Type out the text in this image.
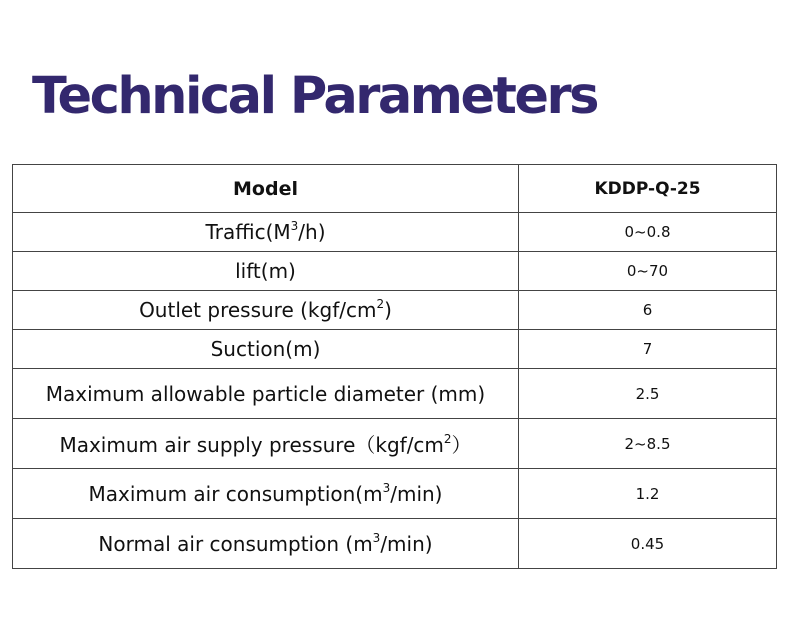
Technical Parameters
Model	KDDP-Q-25
$Traffic(M^3/h)$	0~0.8
lift(m)	0~70
Outlet pressure $(kgf/cm^2)$	6
Suction(m)	7
Maximum allowable particle diameter (mm)	2.5
Maximum air supply $pressure(kgf/cm^2)$	2~8.5
Maximum air $consumption(m^3/\min)$	1.2
Normal air consumption $(m^3/\min)$	0.45
